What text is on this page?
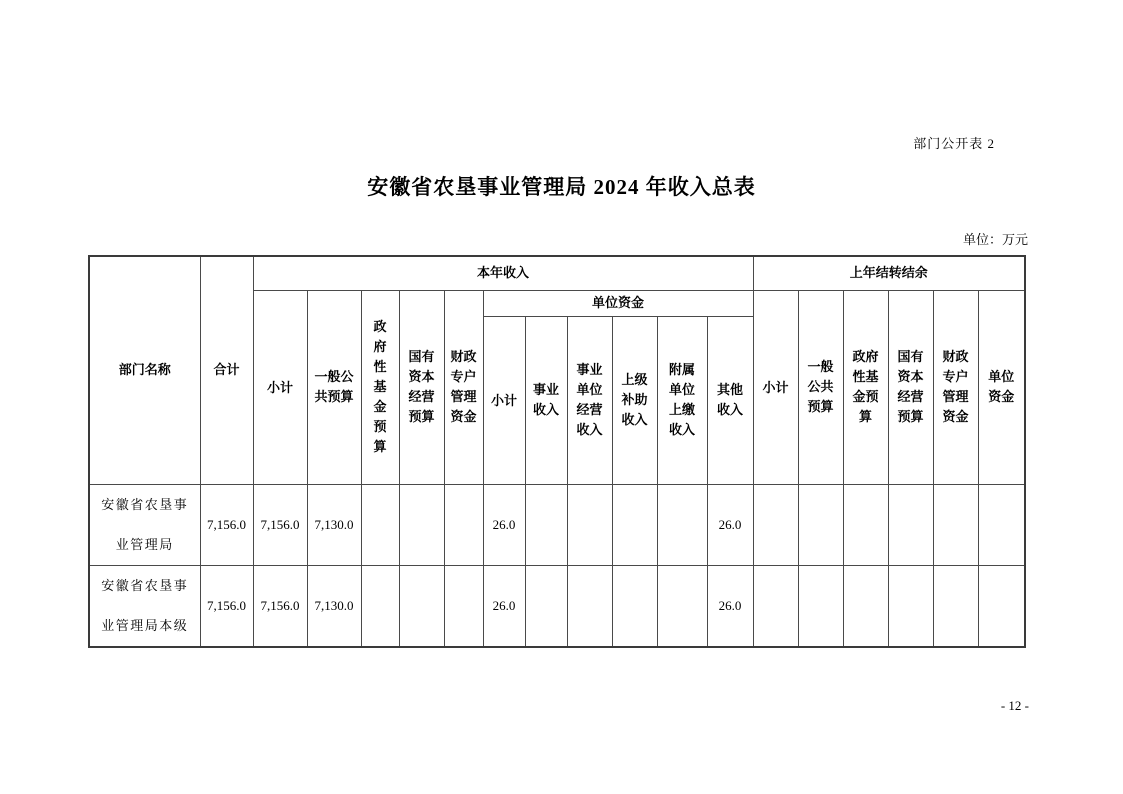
部门公开表 2
安徽省农垦事业管理局 2024 年收入总表
单位：万元
部门名称	合计	本年收入											上年结转结余					
		小计	一般公共预算	政府性基金预算	国有资本经营预算	财政专户管理资金	单位资金						小计	一般公共预算	政府性基金预算	国有资本经营预算	财政专户管理资金	单位资金
							小计	事业收入	事业单位经营收入	上级补助收入	附属单位上缴收入	其他收入						
安徽省农垦事业管理局	7,156.0	7,156.0	7,130.0				26.0					26.0						
安徽省农垦事业管理局本级	7,156.0	7,156.0	7,130.0				26.0					26.0						
- 12 -
